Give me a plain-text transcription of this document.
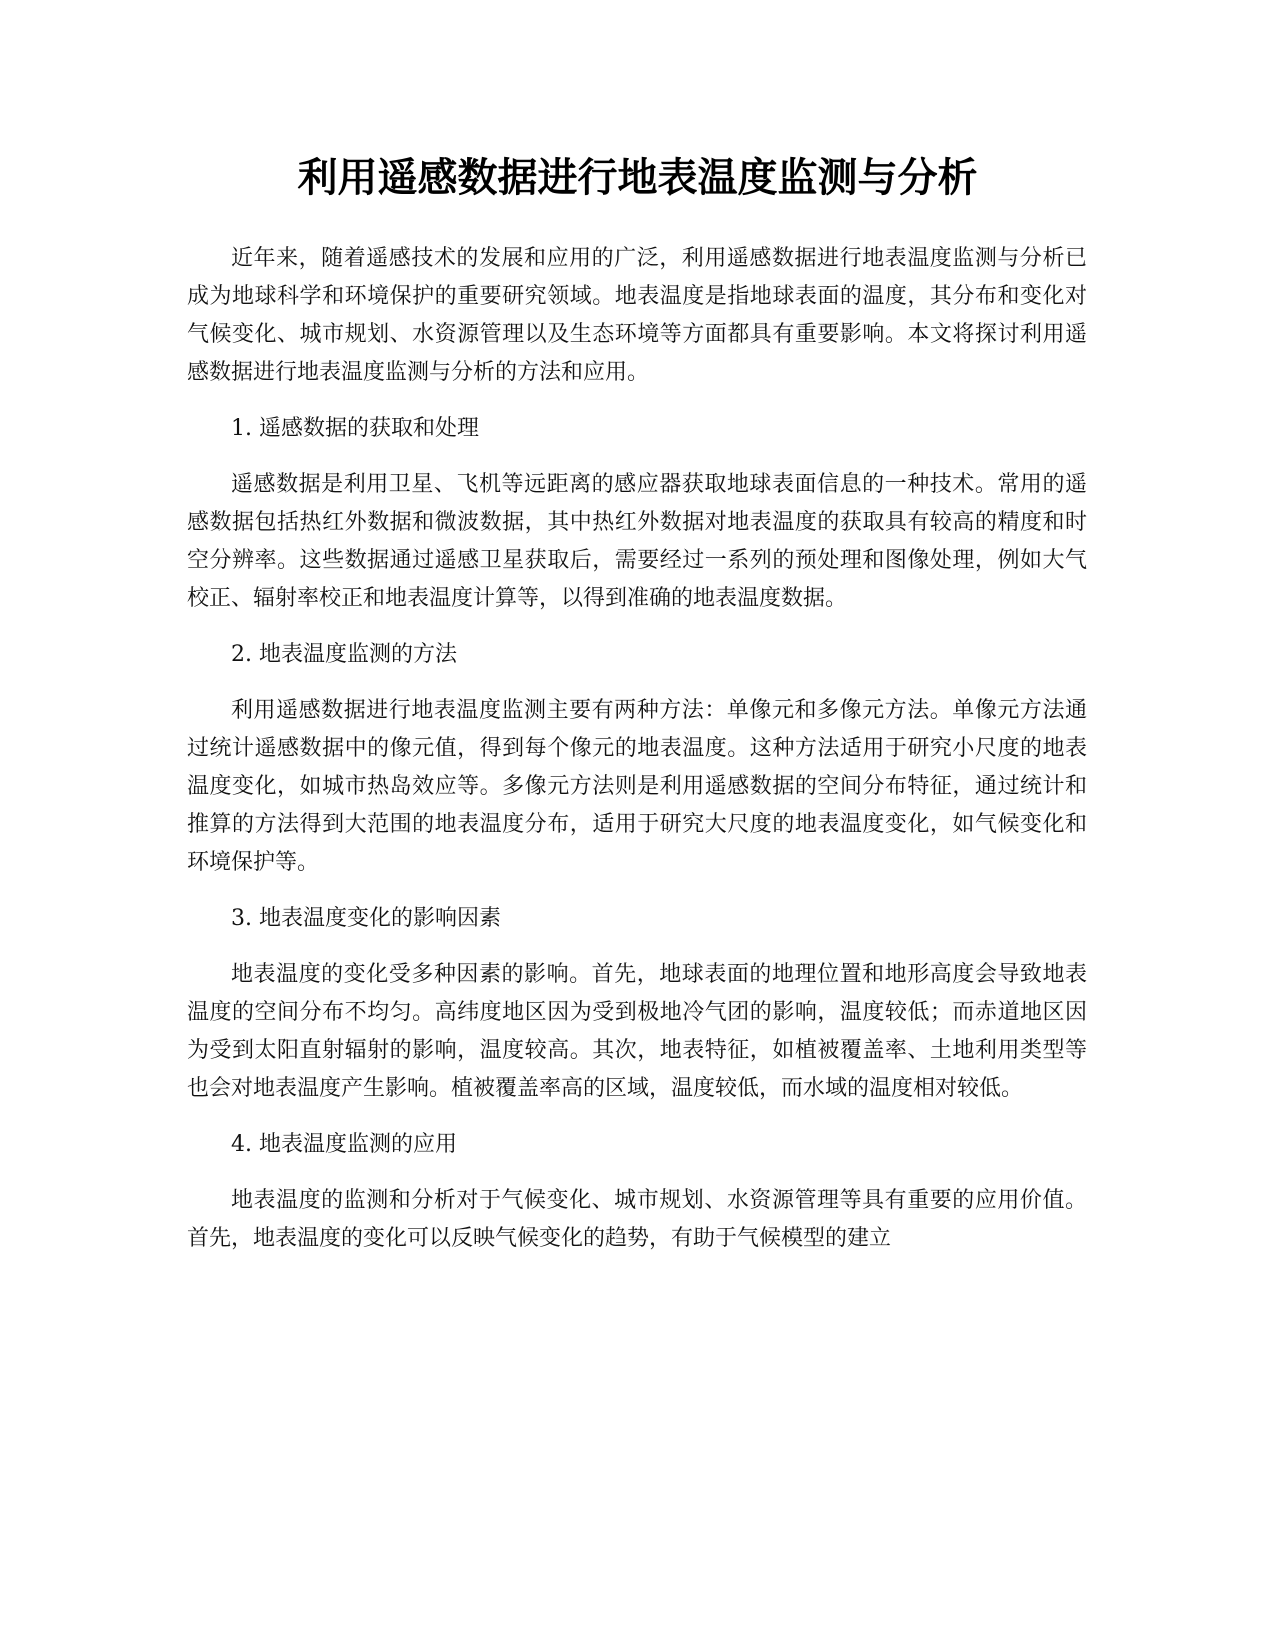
利用遥感数据进行地表温度监测与分析

近年来，随着遥感技术的发展和应用的广泛，利用遥感数据进行地表温度监测与分析已成为地球科学和环境保护的重要研究领域。地表温度是指地球表面的温度，其分布和变化对气候变化、城市规划、水资源管理以及生态环境等方面都具有重要影响。本文将探讨利用遥感数据进行地表温度监测与分析的方法和应用。

1. 遥感数据的获取和处理

遥感数据是利用卫星、飞机等远距离的感应器获取地球表面信息的一种技术。常用的遥感数据包括热红外数据和微波数据，其中热红外数据对地表温度的获取具有较高的精度和时空分辨率。这些数据通过遥感卫星获取后，需要经过一系列的预处理和图像处理，例如大气校正、辐射率校正和地表温度计算等，以得到准确的地表温度数据。

2. 地表温度监测的方法

利用遥感数据进行地表温度监测主要有两种方法：单像元和多像元方法。单像元方法通过统计遥感数据中的像元值，得到每个像元的地表温度。这种方法适用于研究小尺度的地表温度变化，如城市热岛效应等。多像元方法则是利用遥感数据的空间分布特征，通过统计和推算的方法得到大范围的地表温度分布，适用于研究大尺度的地表温度变化，如气候变化和环境保护等。

3. 地表温度变化的影响因素

地表温度的变化受多种因素的影响。首先，地球表面的地理位置和地形高度会导致地表温度的空间分布不均匀。高纬度地区因为受到极地冷气团的影响，温度较低；而赤道地区因为受到太阳直射辐射的影响，温度较高。其次，地表特征，如植被覆盖率、土地利用类型等也会对地表温度产生影响。植被覆盖率高的区域，温度较低，而水域的温度相对较低。

4. 地表温度监测的应用

地表温度的监测和分析对于气候变化、城市规划、水资源管理等具有重要的应用价值。首先，地表温度的变化可以反映气候变化的趋势，有助于气候模型的建立
